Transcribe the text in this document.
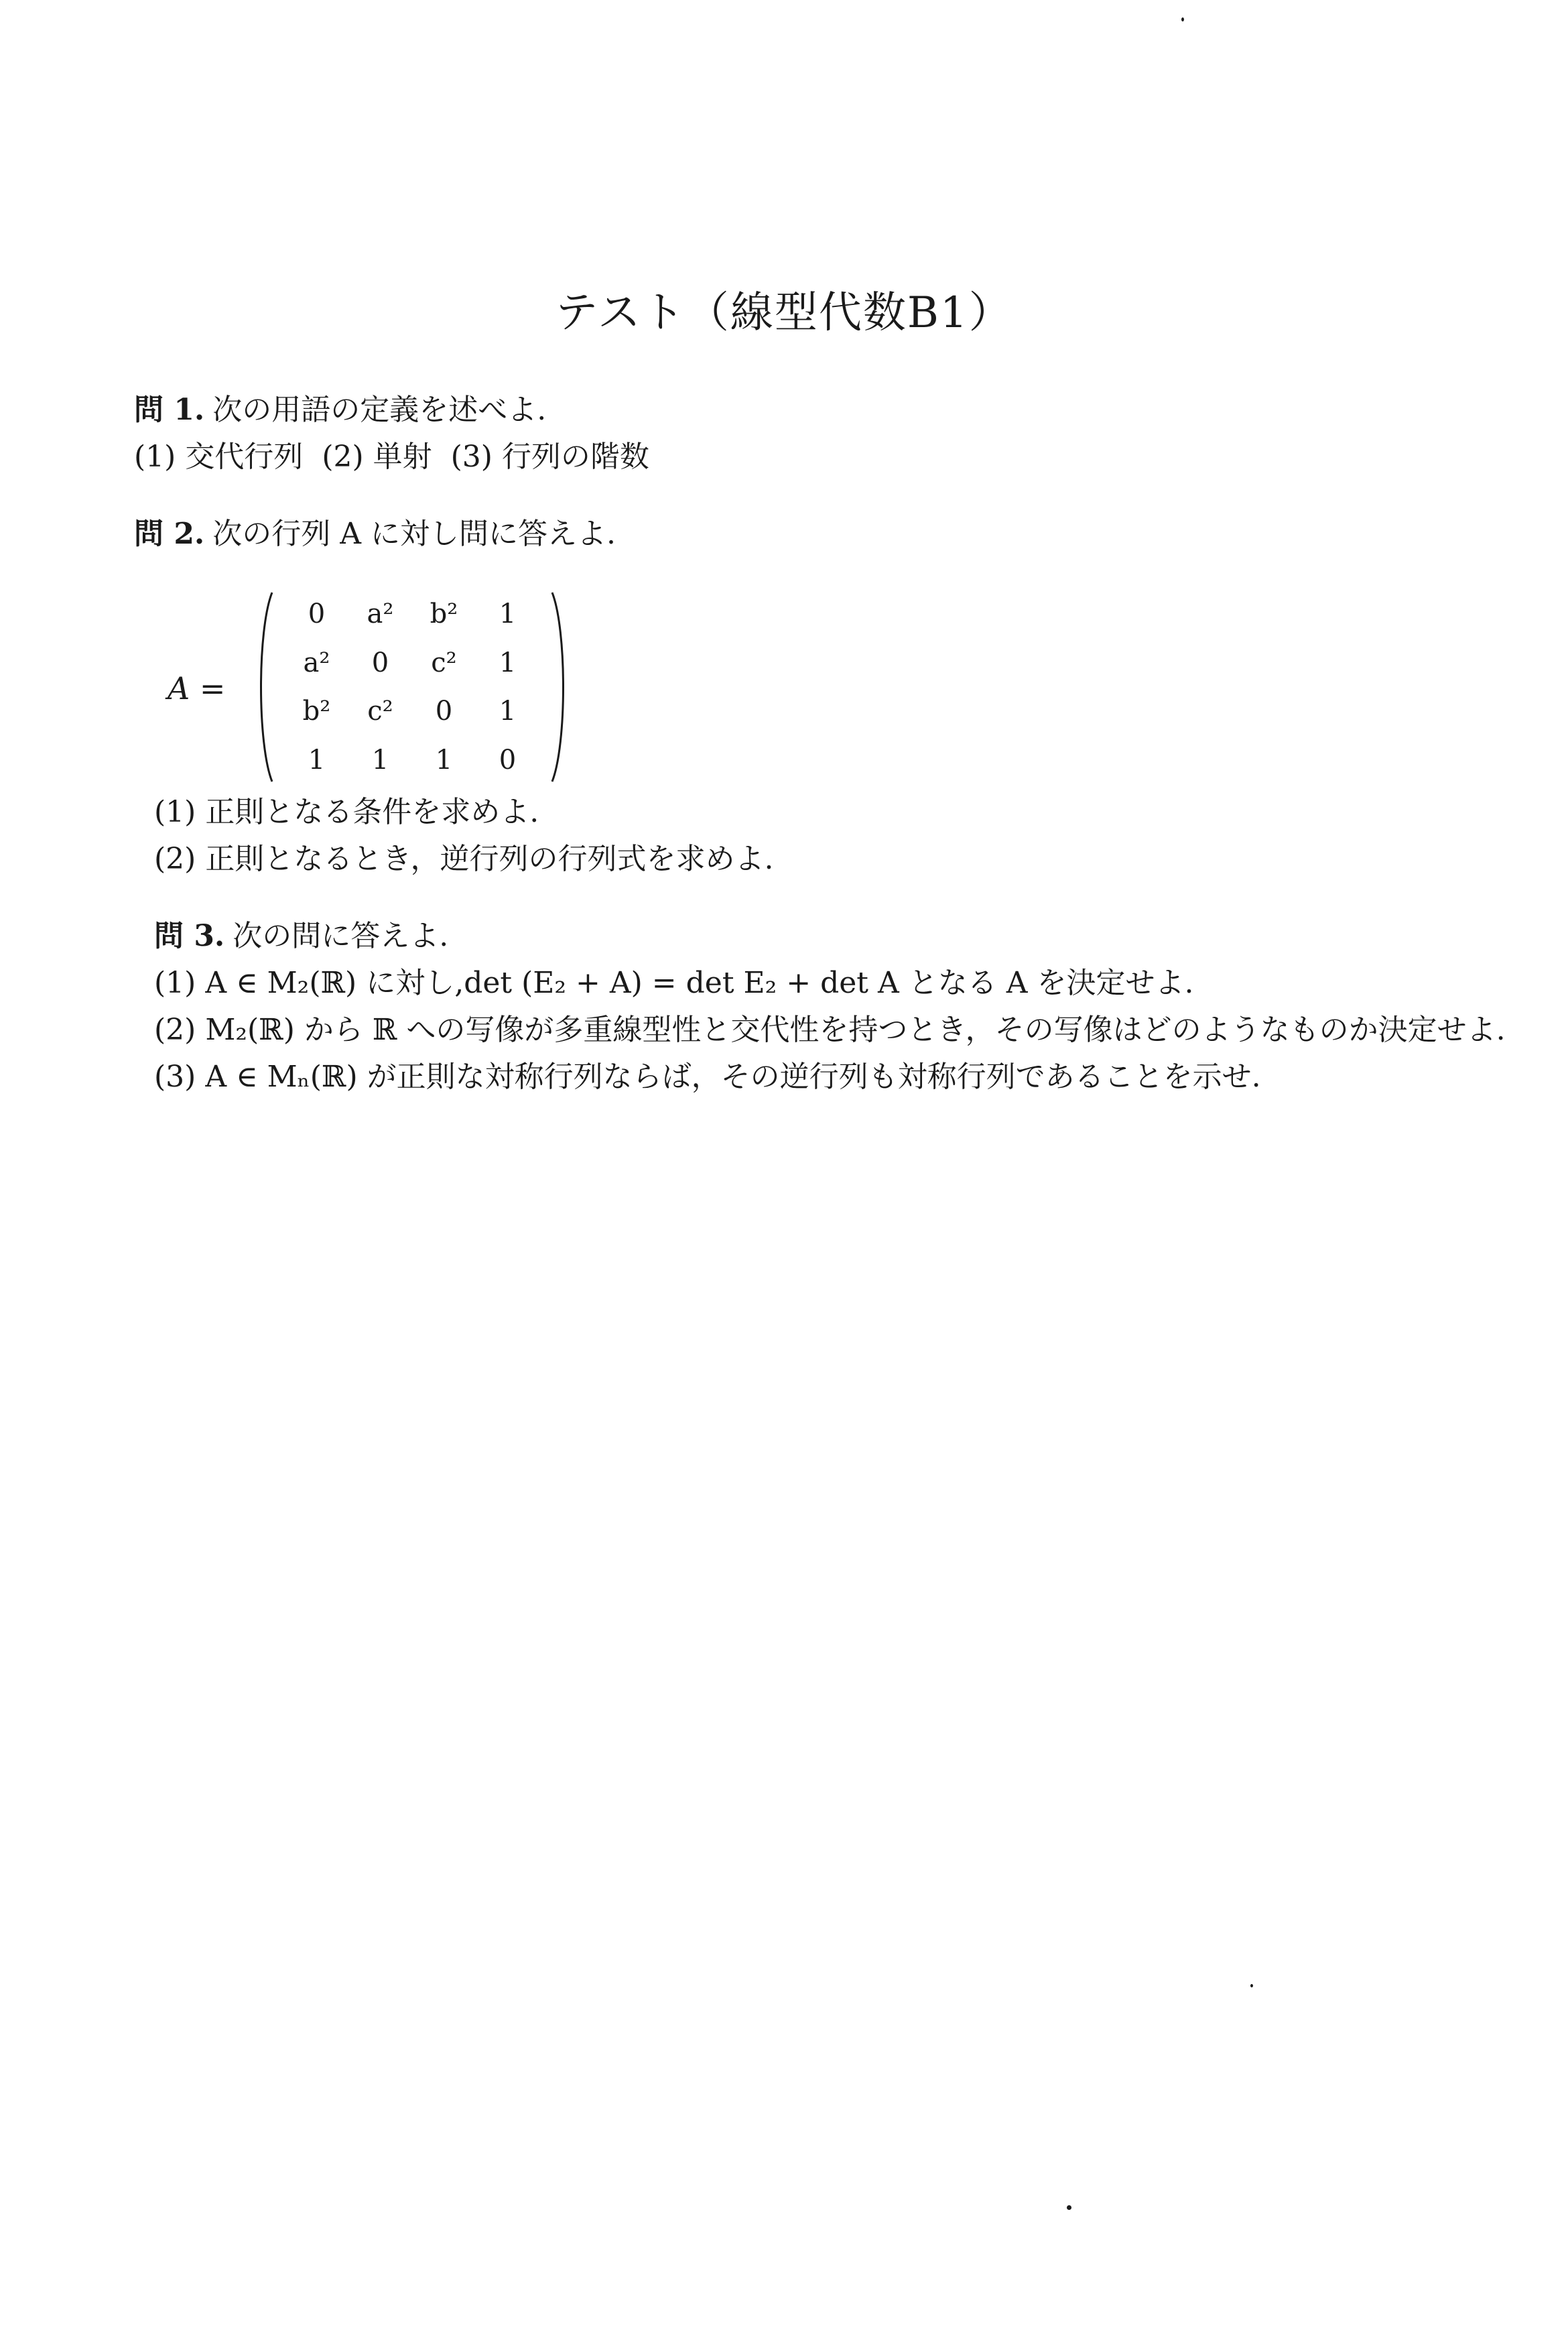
テスト（線型代数B1）
問 1. 次の用語の定義を述べよ.
(1) 交代行列 (2) 単射 (3) 行列の階数
問 2. 次の行列 A に対し問に答えよ.
A =
0	a²	b²	1
a²	0	c²	1
b²	c²	0	1
1	1	1	0
(1) 正則となる条件を求めよ.
(2) 正則となるとき，逆行列の行列式を求めよ.
問 3. 次の問に答えよ.
(1) A ∈ M₂(ℝ) に対し,det (E₂ + A) = det E₂ + det A となる A を決定せよ.
(2) M₂(ℝ) から ℝ への写像が多重線型性と交代性を持つとき，その写像はどのようなものか決定せよ.
(3) A ∈ Mₙ(ℝ) が正則な対称行列ならば，その逆行列も対称行列であることを示せ.
